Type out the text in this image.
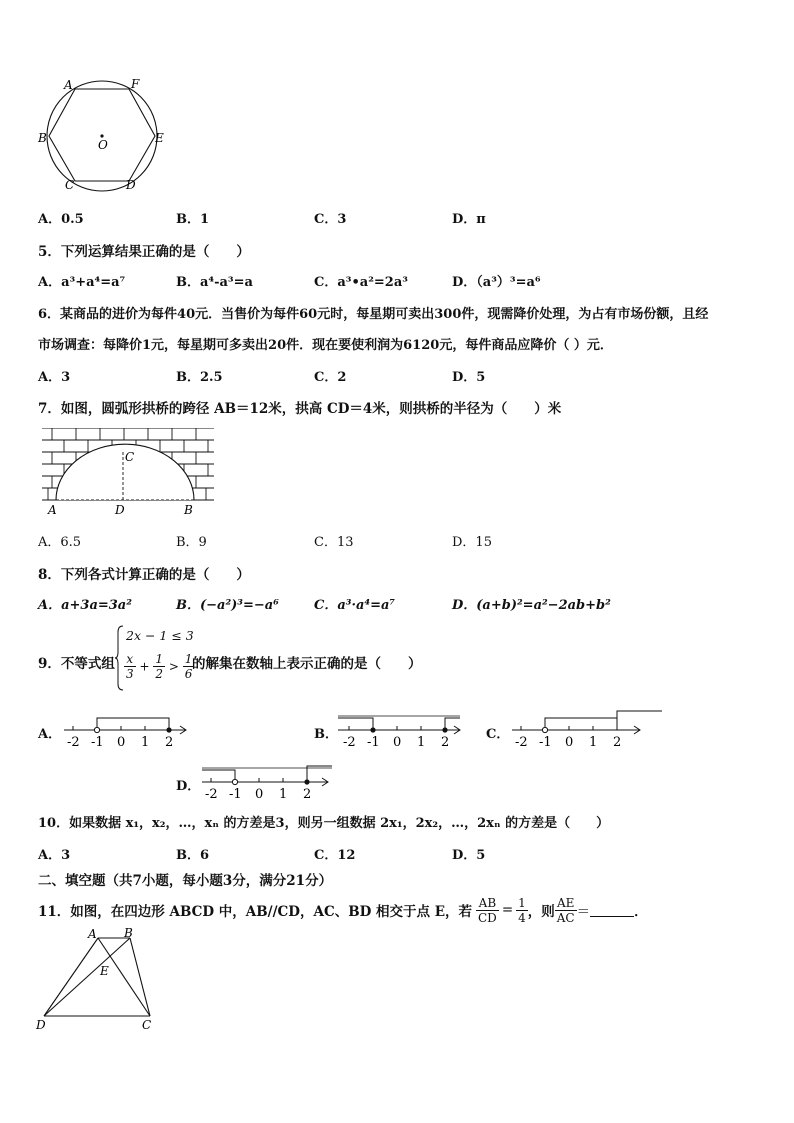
A	F
B	O	E
C	D
A．0.5	B．1	C．3	D．π
5．下列运算结果正确的是（　　）
A．a³+a⁴=a⁷	B．a⁴-a³=a	C．a³•a²=2a³	D．（a³）³=a⁶
6．某商品的进价为每件40元．当售价为每件60元时，每星期可卖出300件，现需降价处理，为占有市场份额，且经
市场调查：每降价1元，每星期可多卖出20件．现在要使利润为6120元，每件商品应降价（ ）元．
A．3	B．2.5	C．2	D．5
7．如图，圆弧形拱桥的跨径 AB＝12米，拱高 CD＝4米，则拱桥的半径为（　　）米
C
A	D	B
A．6.5	B．9	C．13	D．15
8．下列各式计算正确的是（　　）
A．a+3a=3a²	B．(−a²)³=−a⁶	C．a³·a⁴=a⁷	D．(a+b)²=a²−2ab+b²
9．不等式组
2x − 1 ≤ 3
$\frac{x}{3} + \frac{1}{2} > \frac{1}{6}$
的解集在数轴上表示正确的是（　　）
A．
-2 -1 0 1 2
B．
-2 -1 0 1 2
C．
-2 -1 0 1 2
D．
-2 -1 0 1 2
10．如果数据 x₁，x₂，…，xₙ 的方差是3，则另一组数据 2x₁，2x₂，…，2xₙ 的方差是（　　）
A．3	B．6	C．12	D．5
二、填空题（共7小题，每小题3分，满分21分）
11．如图，在四边形 ABCD 中，AB//CD，AC、BD 相交于点 E，若 $\frac{AB}{CD} = \frac{1}{4}$ ，则 $\frac{AE}{AC}$ ＝	．
A B
E
D	C
